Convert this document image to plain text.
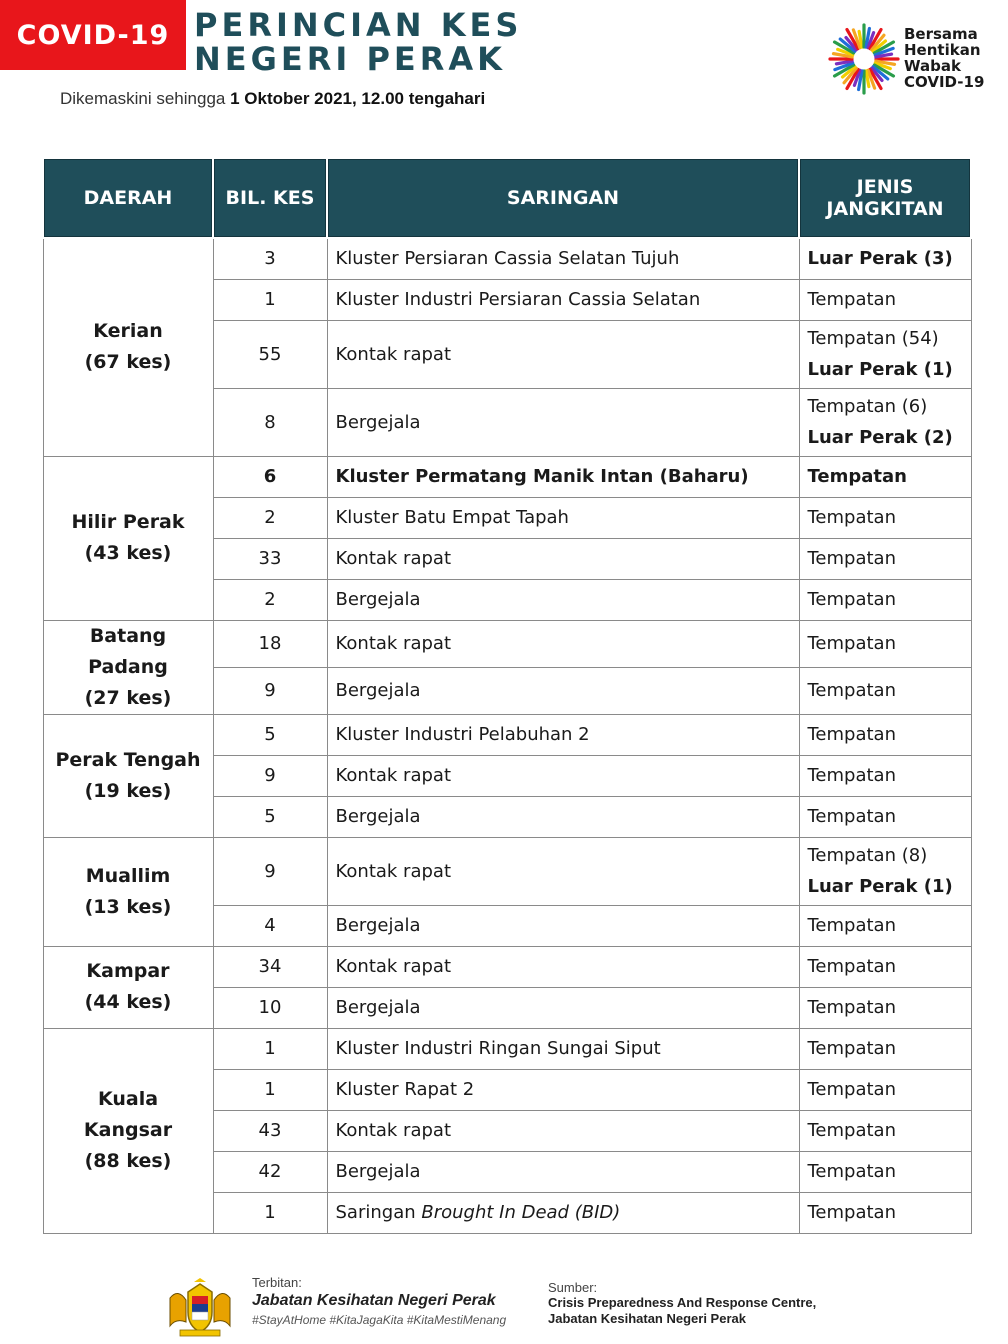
COVID-19 PERINCIAN KES
NEGERI PERAK
Dikemaskini sehingga 1 Oktober 2021, 12.00 tengahari
Bersama
Hentikan
Wabak
COVID-19
DAERAH	BIL. KES	SARINGAN	JENIS
JANGKITAN

Kerian
(67 kes)	3	Kluster Persiaran Cassia Selatan Tujuh	Luar Perak (3)

	1	Kluster Industri Persiaran Cassia Selatan	Tempatan

	55	Kontak rapat	Tempatan (54)
Luar Perak (1)

	8	Bergejala	Tempatan (6)
Luar Perak (2)

Hilir Perak
(43 kes)	6	Kluster Permatang Manik Intan (Baharu)	Tempatan

	2	Kluster Batu Empat Tapah	Tempatan

	33	Kontak rapat	Tempatan

	2	Bergejala	Tempatan

Batang Padang
(27 kes)	18	Kontak rapat	Tempatan

	9	Bergejala	Tempatan

Perak Tengah
(19 kes)	5	Kluster Industri Pelabuhan 2	Tempatan

	9	Kontak rapat	Tempatan

	5	Bergejala	Tempatan

Muallim
(13 kes)	9	Kontak rapat	Tempatan (8)
Luar Perak (1)

	4	Bergejala	Tempatan

Kampar
(44 kes)	34	Kontak rapat	Tempatan

	10	Bergejala	Tempatan

Kuala Kangsar
(88 kes)	1	Kluster Industri Ringan Sungai Siput	Tempatan

	1	Kluster Rapat 2	Tempatan

	43	Kontak rapat	Tempatan

	42	Bergejala	Tempatan

	1	Saringan Brought In Dead (BID)	Tempatan
Terbitan:
Jabatan Kesihatan Negeri Perak
#StayAtHome #KitaJagaKita #KitaMestiMenang
Sumber:
Crisis Preparedness And Response Centre,
Jabatan Kesihatan Negeri Perak
